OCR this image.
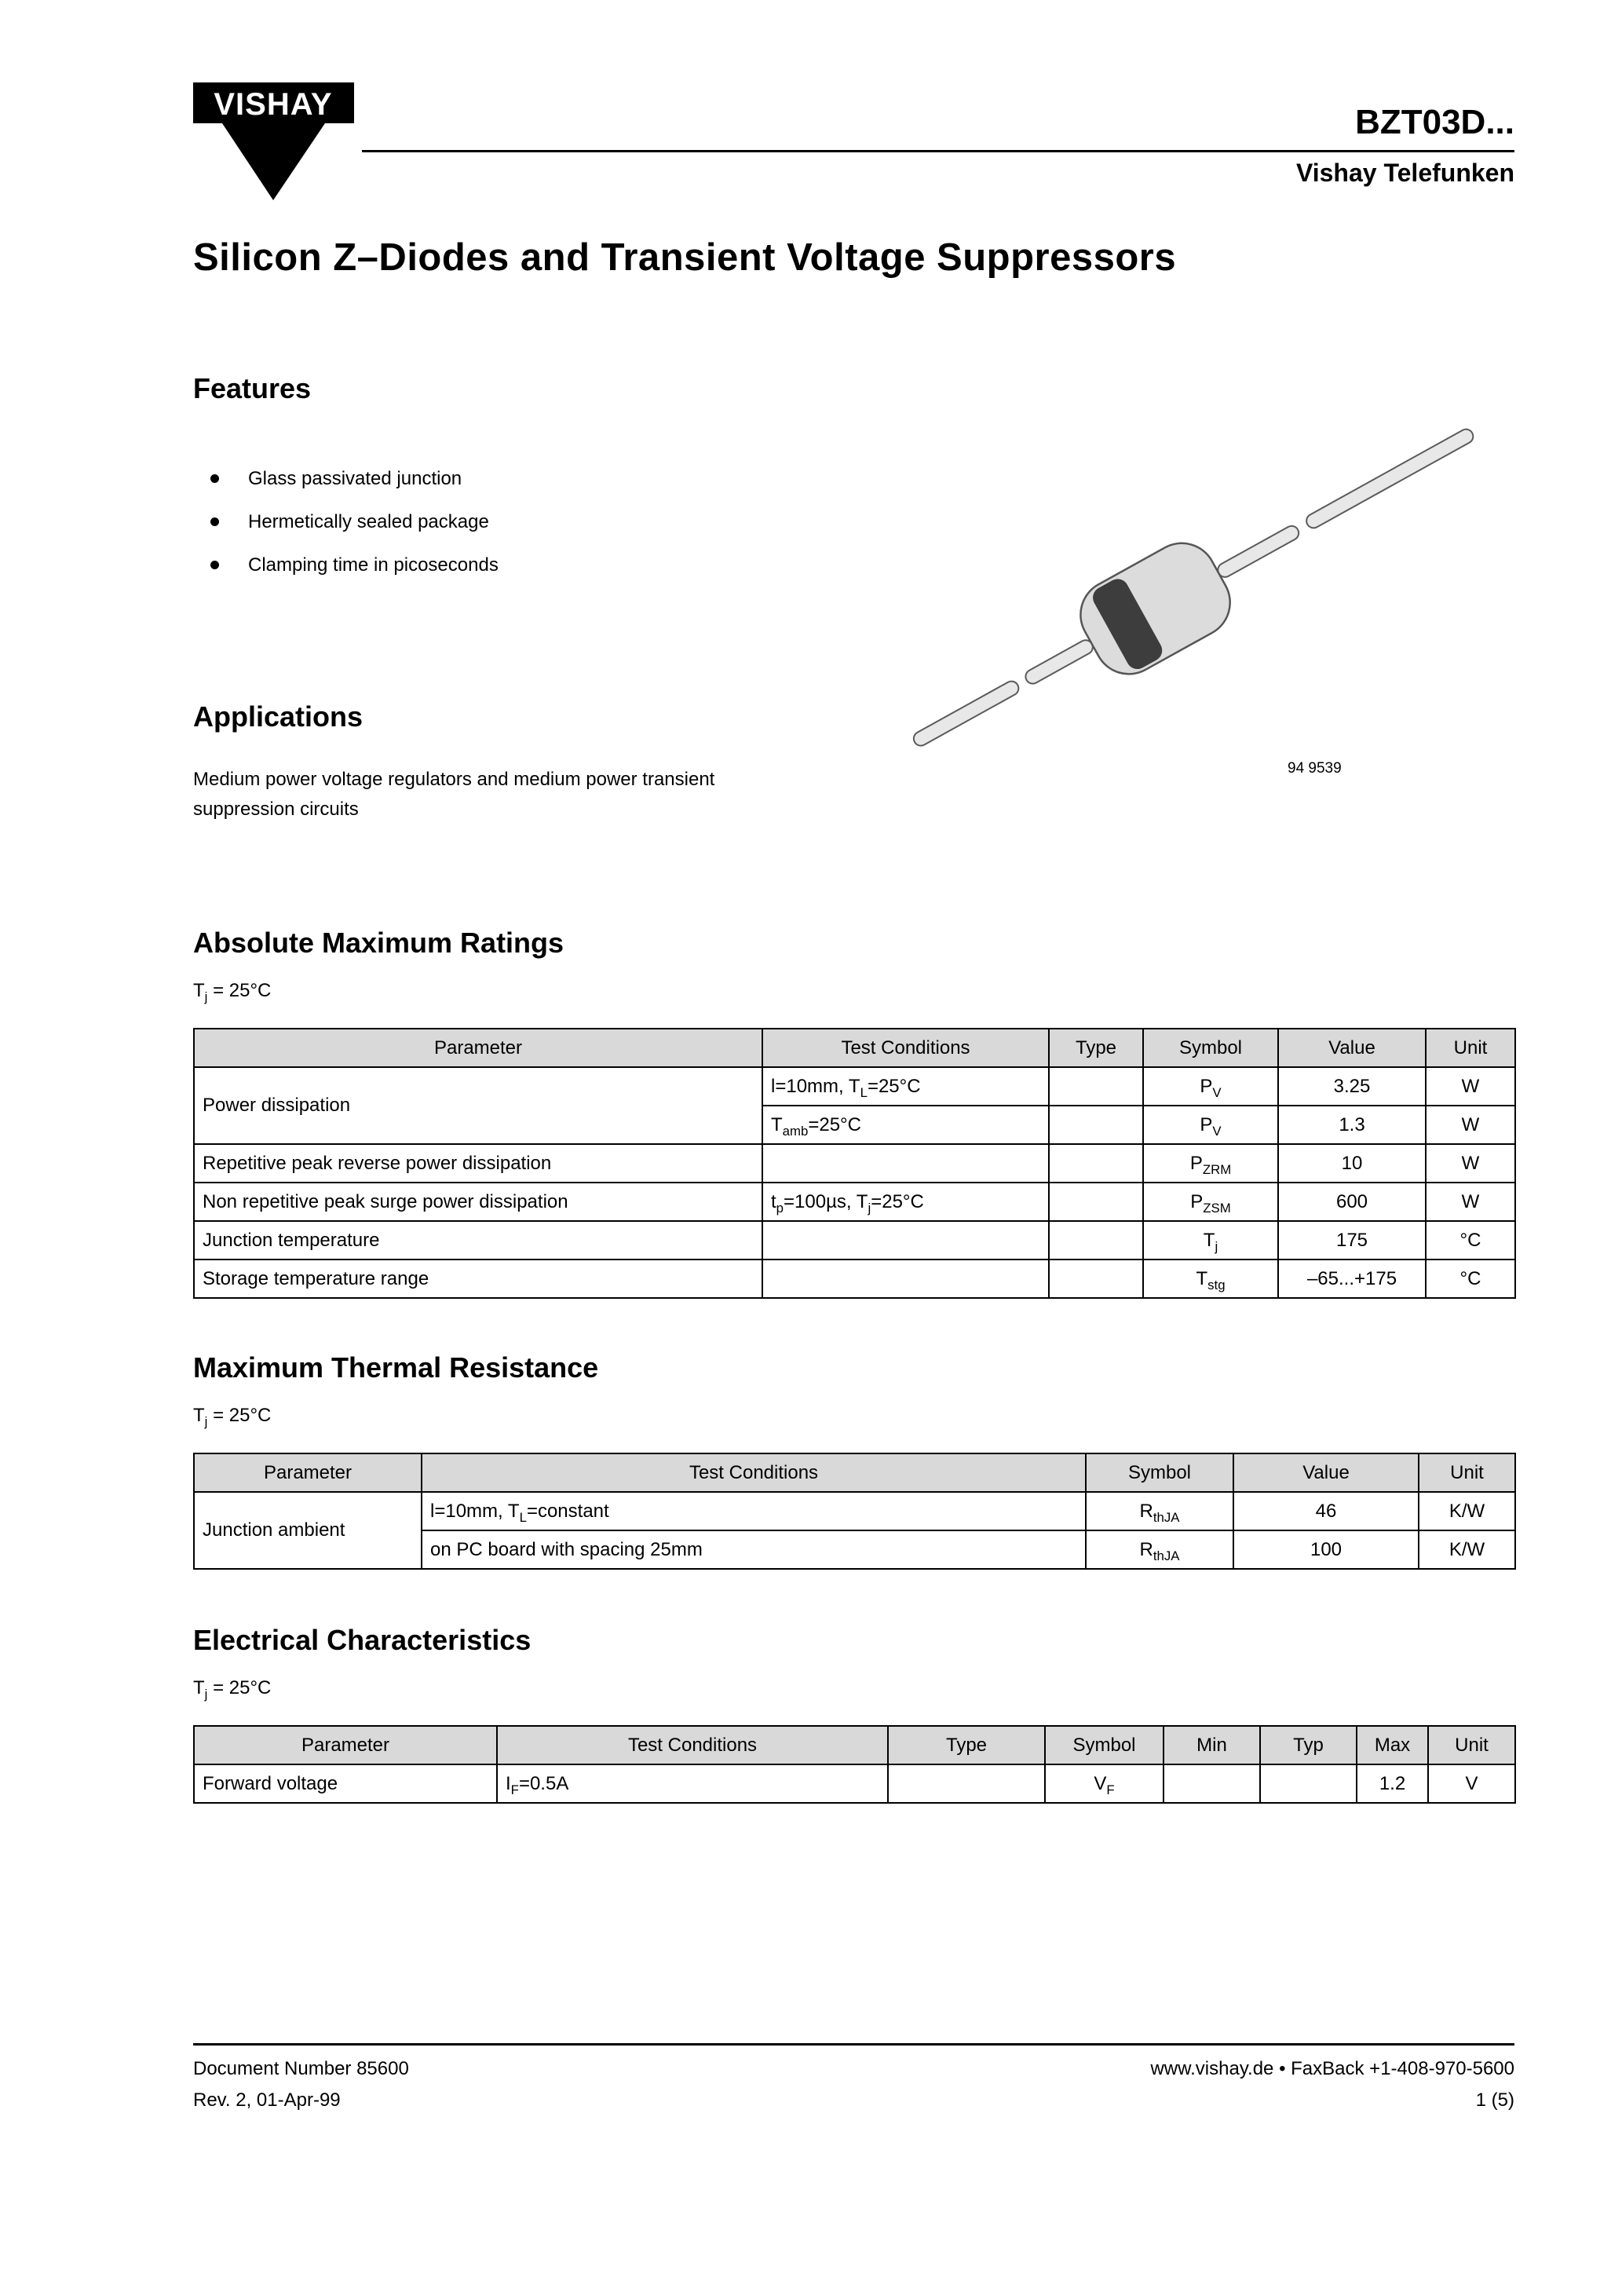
VISHAY	BZT03D...
Vishay Telefunken
Silicon Z–Diodes and Transient Voltage Suppressors
Features
Glass passivated junction
Hermetically sealed package
Clamping time in picoseconds
Applications

Medium power voltage regulators and medium power transient suppression circuits

94 9539
Absolute Maximum Ratings

$T_j = 25^\circ C$

Parameter	Test Conditions	Type	Symbol	Value	Unit
Power dissipation	l=10mm, $T_L=25^\circ C$		$P_V$	3.25	W
	$T_{amb}=25^\circ C$		$P_V$	1.3	W
Repetitive peak reverse power dissipation			$P_{ZRM}$	10	W
Non repetitive peak surge power dissipation	$t_p=100\mu s$, $T_j=25^\circ C$		$P_{ZSM}$	600	W
Junction temperature			$T_j$	175	°C
Storage temperature range			$T_{stg}$	–65...+175	°C
Maximum Thermal Resistance

$T_j = 25^\circ C$

Parameter	Test Conditions	Symbol	Value	Unit
Junction ambient	l=10mm, $T_L=constant$	$R_{thJA}$	46	K/W
	on PC board with spacing 25mm	$R_{thJA}$	100	K/W
Electrical Characteristics

$T_j = 25^\circ C$

Parameter	Test Conditions	Type	Symbol	Min	Typ	Max	Unit
Forward voltage	$I_F=0.5A$		$V_F$			1.2	V
Document Number 85600
Rev. 2, 01-Apr-99
www.vishay.de • FaxBack +1-408-970-5600
1 (5)
